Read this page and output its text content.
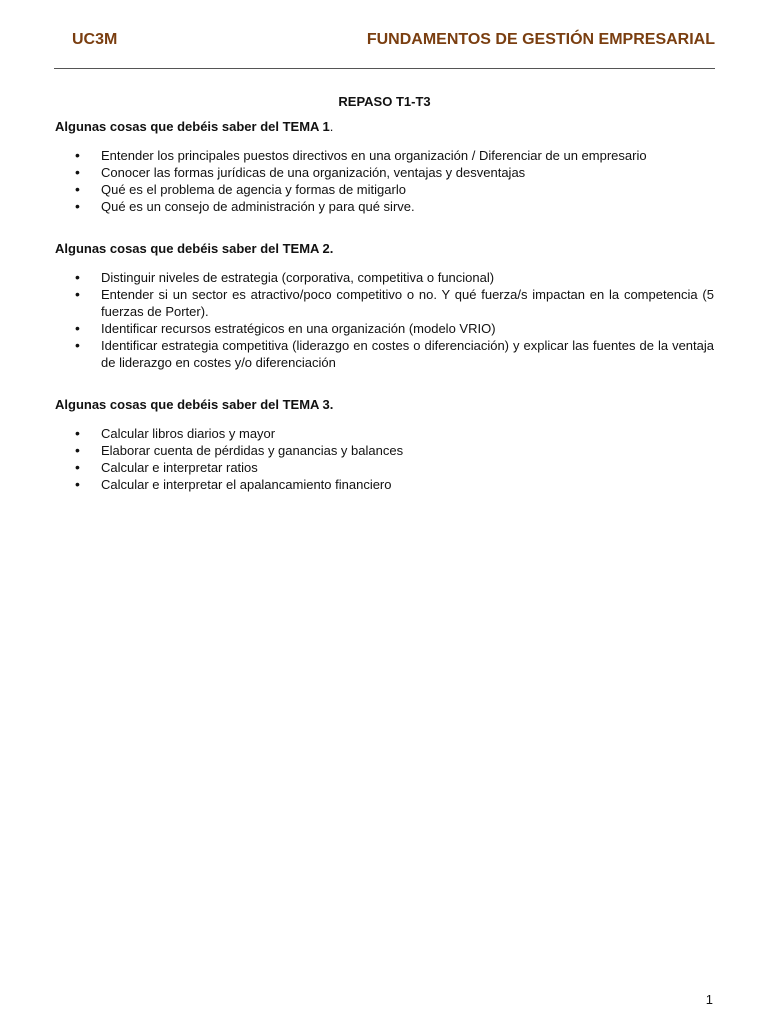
UC3M	FUNDAMENTOS DE GESTIÓN EMPRESARIAL

REPASO T1-T3

Algunas cosas que debéis saber del TEMA 1.

• Entender los principales puestos directivos en una organización / Diferenciar de un empresario
• Conocer las formas jurídicas de una organización, ventajas y desventajas
• Qué es el problema de agencia y formas de mitigarlo
• Qué es un consejo de administración y para qué sirve.

Algunas cosas que debéis saber del TEMA 2.

• Distinguir niveles de estrategia (corporativa, competitiva o funcional)
• Entender si un sector es atractivo/poco competitivo o no. Y qué fuerza/s impactan en la competencia (5 fuerzas de Porter).
• Identificar recursos estratégicos en una organización (modelo VRIO)
• Identificar estrategia competitiva (liderazgo en costes o diferenciación) y explicar las fuentes de la ventaja de liderazgo en costes y/o diferenciación

Algunas cosas que debéis saber del TEMA 3.

• Calcular libros diarios y mayor
• Elaborar cuenta de pérdidas y ganancias y balances
• Calcular e interpretar ratios
• Calcular e interpretar el apalancamiento financiero
1
